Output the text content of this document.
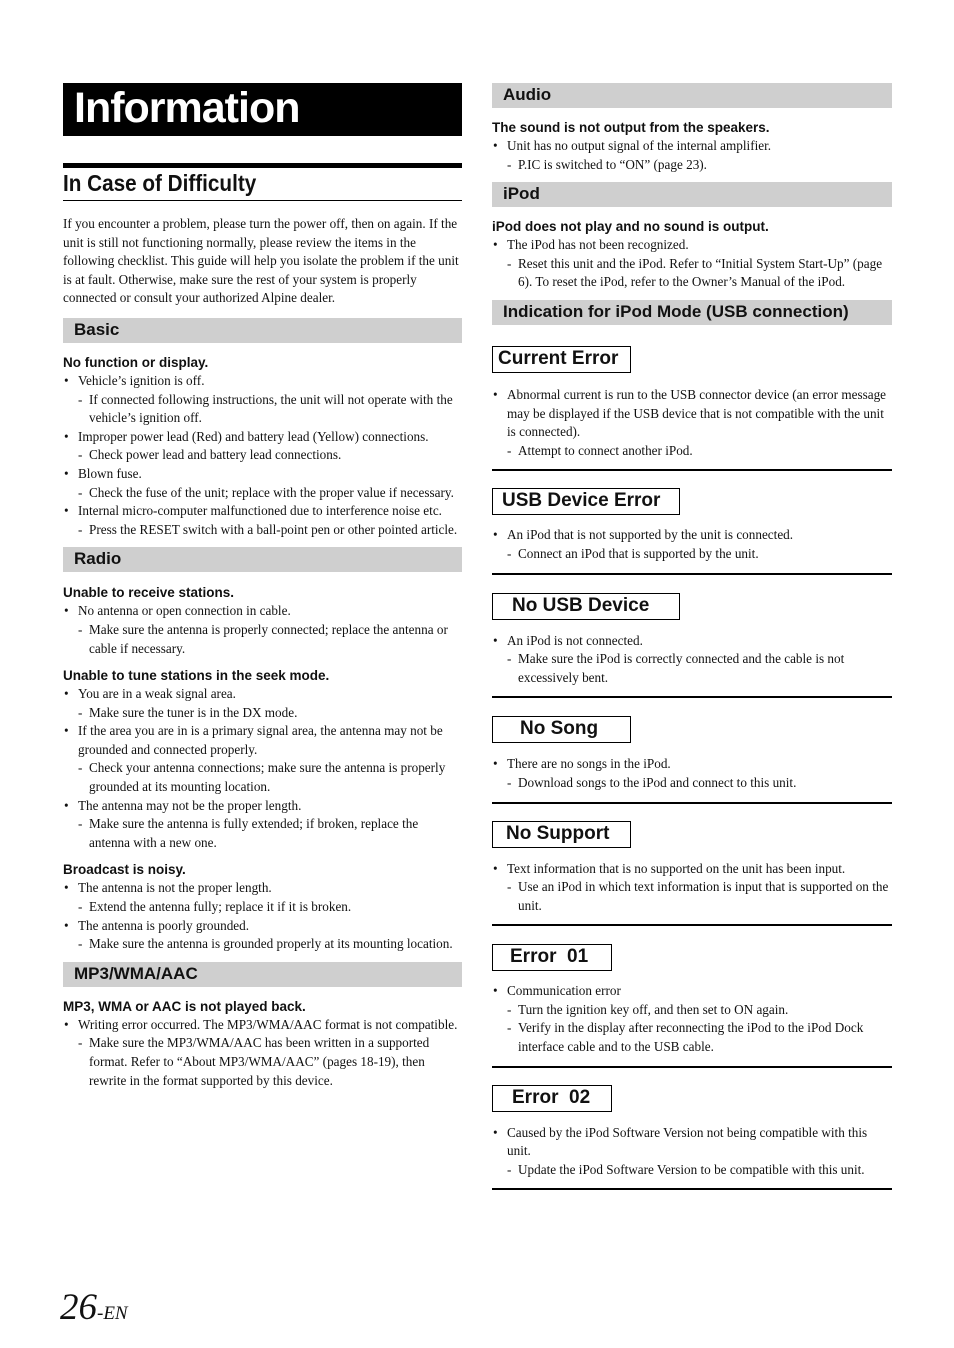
Information
In Case of Difficulty

If you encounter a problem, please turn the power off, then on again. If the unit is still not functioning normally, please review the items in the following checklist. This guide will help you isolate the problem if the unit is at fault. Otherwise, make sure the rest of your system is properly connected or consult your authorized Alpine dealer.

Basic

No function or display.

• Vehicle’s ignition is off.
- If connected following instructions, the unit will not operate with the vehicle’s ignition off.
• Improper power lead (Red) and battery lead (Yellow) connections.
- Check power lead and battery lead connections.
• Blown fuse.
- Check the fuse of the unit; replace with the proper value if necessary.
• Internal micro-computer malfunctioned due to interference noise etc.
- Press the RESET switch with a ball-point pen or other pointed article.
Radio

Unable to receive stations.

• No antenna or open connection in cable.
- Make sure the antenna is properly connected; replace the antenna or cable if necessary.

Unable to tune stations in the seek mode.

• You are in a weak signal area.
- Make sure the tuner is in the DX mode.
• If the area you are in is a primary signal area, the antenna may not be grounded and connected properly.
- Check your antenna connections; make sure the antenna is properly grounded at its mounting location.
• The antenna may not be the proper length.
- Make sure the antenna is fully extended; if broken, replace the antenna with a new one.

Broadcast is noisy.

• The antenna is not the proper length.
- Extend the antenna fully; replace it if it is broken.
• The antenna is poorly grounded.
- Make sure the antenna is grounded properly at its mounting location.
MP3/WMA/AAC

MP3, WMA or AAC is not played back.

• Writing error occurred. The MP3/WMA/AAC format is not compatible.
- Make sure the MP3/WMA/AAC has been written in a supported format. Refer to “About MP3/WMA/AAC” (pages 18-19), then rewrite in the format supported by this device.
Audio

The sound is not output from the speakers.

• Unit has no output signal of the internal amplifier.
- P.IC is switched to “ON” (page 23).
iPod

iPod does not play and no sound is output.

• The iPod has not been recognized.
- Reset this unit and the iPod. Refer to “Initial System Start-Up” (page 6). To reset the iPod, refer to the Owner’s Manual of the iPod.
Indication for iPod Mode (USB connection)
Current Error
• Abnormal current is run to the USB connector device (an error message may be displayed if the USB device that is not compatible with the unit is connected).
- Attempt to connect another iPod.
USB Device Error
• An iPod that is not supported by the unit is connected.
- Connect an iPod that is supported by the unit.
No USB Device
• An iPod is not connected.
- Make sure the iPod is correctly connected and the cable is not excessively bent.
No Song
• There are no songs in the iPod.
- Download songs to the iPod and connect to this unit.
No Support
• Text information that is no supported on the unit has been input.
- Use an iPod in which text information is input that is supported on the unit.
Error  01
• Communication error
- Turn the ignition key off, and then set to ON again.
- Verify in the display after reconnecting the iPod to the iPod Dock interface cable and to the USB cable.
Error  02
• Caused by the iPod Software Version not being compatible with this unit.
- Update the iPod Software Version to be compatible with this unit.
26-EN
